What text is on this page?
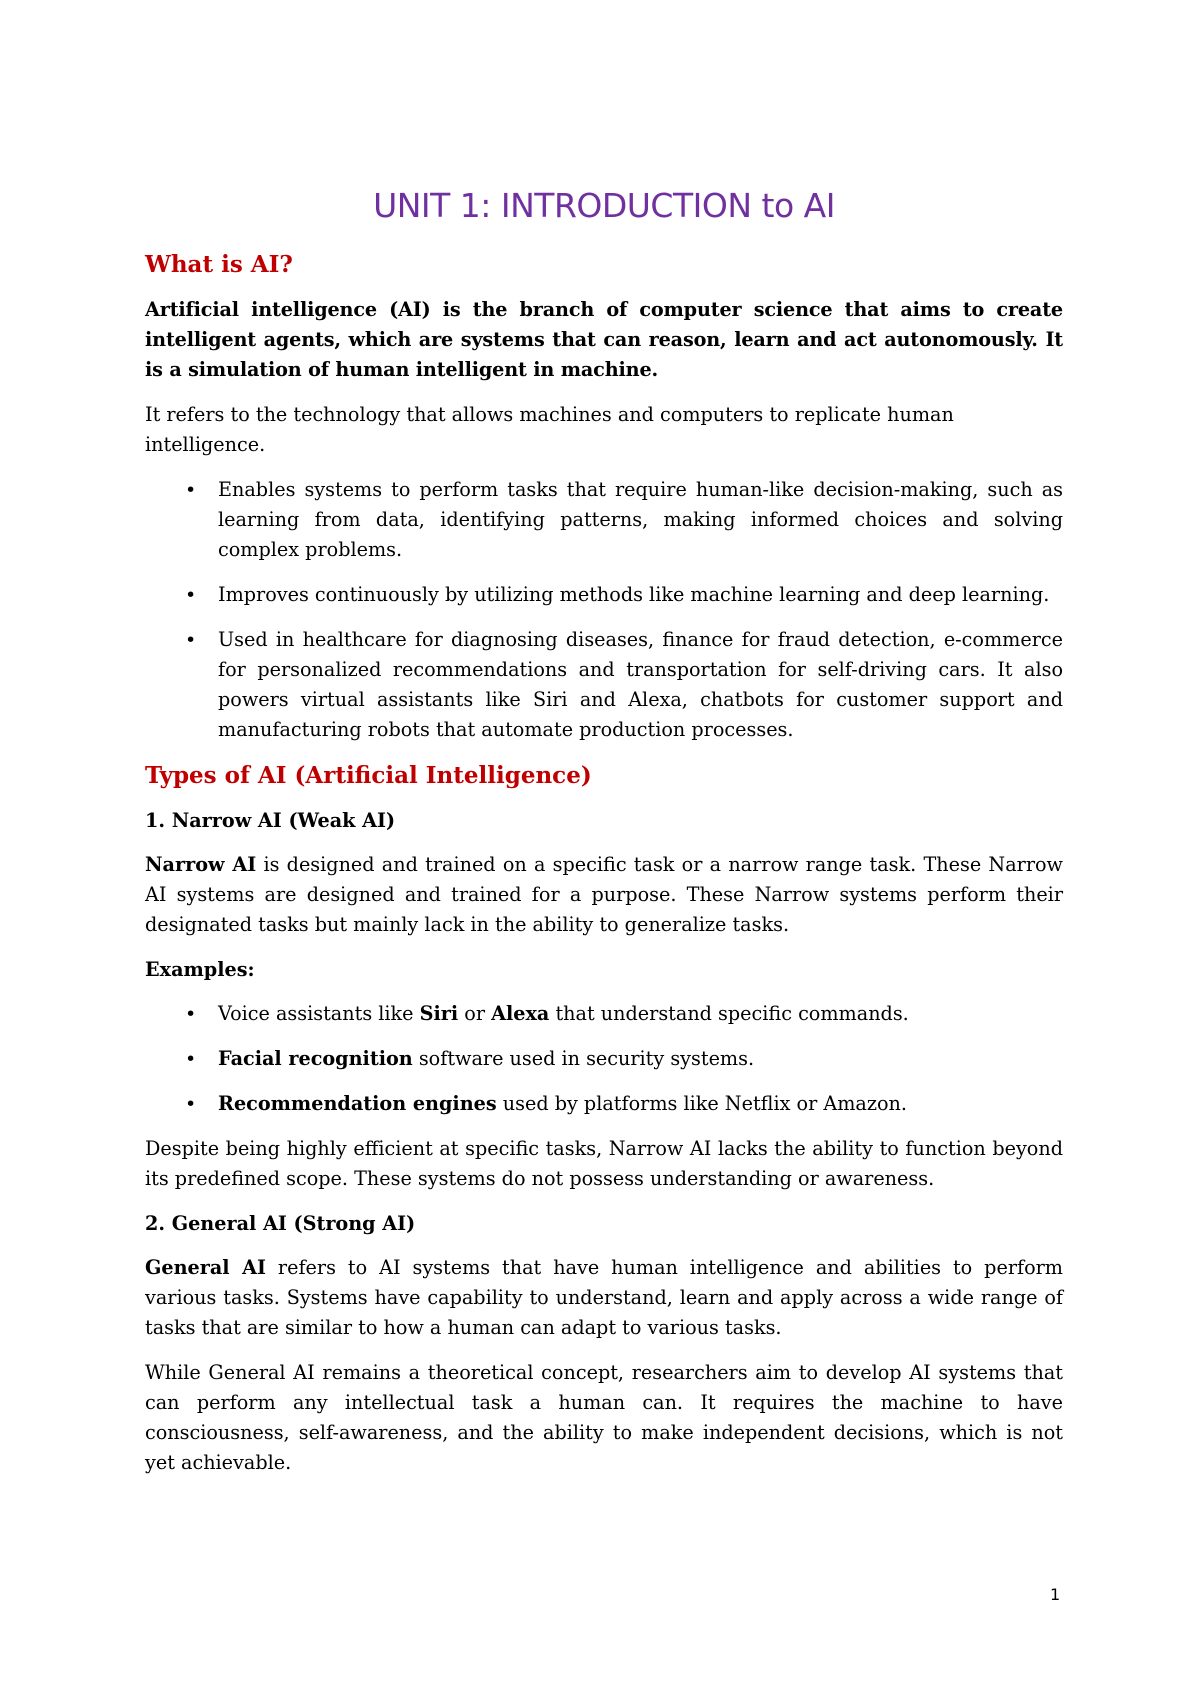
UNIT 1: INTRODUCTION to AI
What is AI?

Artificial intelligence (AI) is the branch of computer science that aims to create intelligent agents, which are systems that can reason, learn and act autonomously. It is a simulation of human intelligent in machine.

It refers to the technology that allows machines and computers to replicate human intelligence.

• Enables systems to perform tasks that require human-like decision-making, such as learning from data, identifying patterns, making informed choices and solving complex problems.
• Improves continuously by utilizing methods like machine learning and deep learning.
• Used in healthcare for diagnosing diseases, finance for fraud detection, e-commerce for personalized recommendations and transportation for self-driving cars. It also powers virtual assistants like Siri and Alexa, chatbots for customer support and manufacturing robots that automate production processes.
Types of AI (Artificial Intelligence)
1. Narrow AI (Weak AI)

Narrow AI is designed and trained on a specific task or a narrow range task. These Narrow AI systems are designed and trained for a purpose. These Narrow systems perform their designated tasks but mainly lack in the ability to generalize tasks.

Examples:
• Voice assistants like Siri or Alexa that understand specific commands.
• Facial recognition software used in security systems.
• Recommendation engines used by platforms like Netflix or Amazon.

Despite being highly efficient at specific tasks, Narrow AI lacks the ability to function beyond its predefined scope. These systems do not possess understanding or awareness.

2. General AI (Strong AI)

General AI refers to AI systems that have human intelligence and abilities to perform various tasks. Systems have capability to understand, learn and apply across a wide range of tasks that are similar to how a human can adapt to various tasks.

While General AI remains a theoretical concept, researchers aim to develop AI systems that can perform any intellectual task a human can. It requires the machine to have consciousness, self-awareness, and the ability to make independent decisions, which is not yet achievable.

1
